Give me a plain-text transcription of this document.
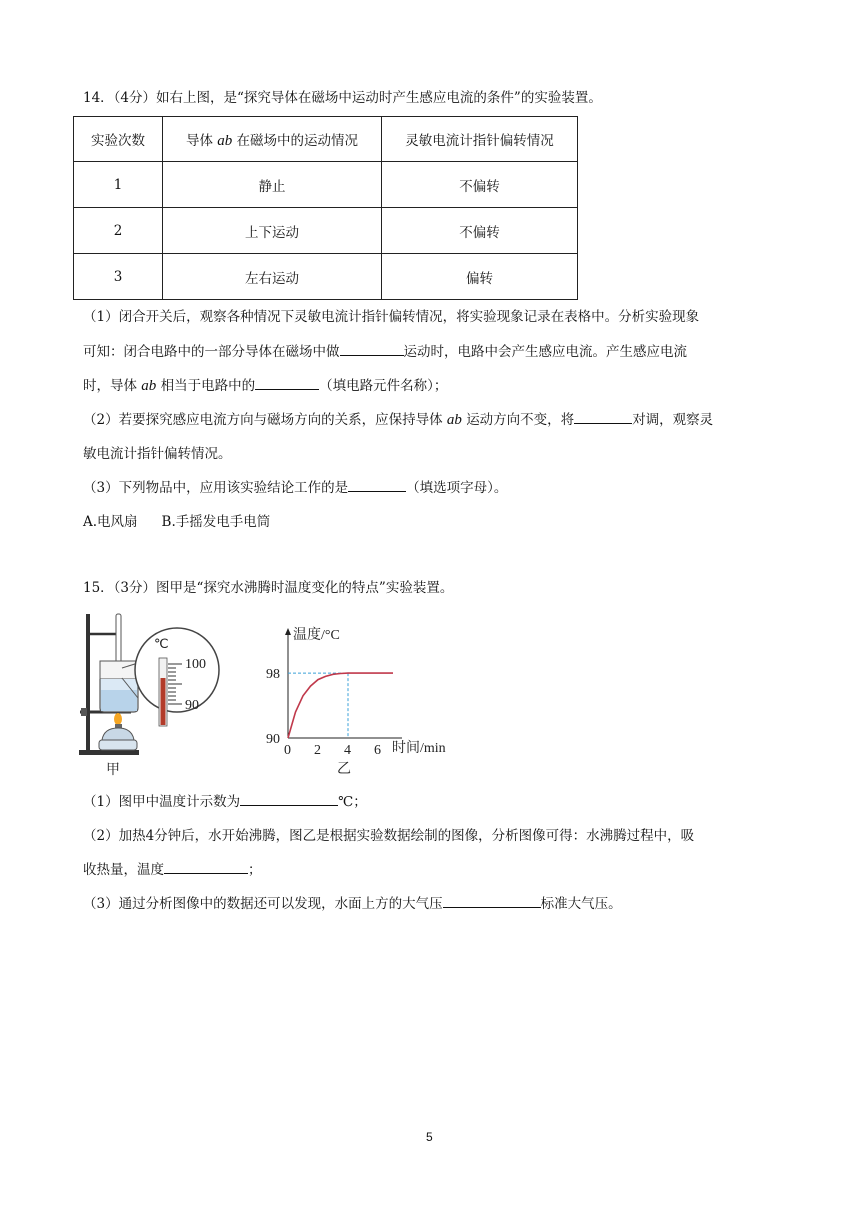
14．（4分）如右上图，是“探究导体在磁场中运动时产生感应电流的条件”的实验装置。
实验次数	导体 ab 在磁场中的运动情况	灵敏电流计指针偏转情况
1	静止	不偏转
2	上下运动	不偏转
3	左右运动	偏转
（1）闭合开关后，观察各种情况下灵敏电流计指针偏转情况，将实验现象记录在表格中。分析实验现象
可知：闭合电路中的一部分导体在磁场中做	运动时，电路中会产生感应电流。产生感应电流
时，导体 ab 相当于电路中的	（填电路元件名称）；
（2）若要探究感应电流方向与磁场方向的关系，应保持导体 ab 运动方向不变，将	对调，观察灵
敏电流计指针偏转情况。
（3）下列物品中，应用该实验结论工作的是	（填选项字母）。
A.电风扇 B.手摇发电手电筒
15．（3分）图甲是“探究水沸腾时温度变化的特点”实验装置。
℃
100
90
甲
温度/°C
时间/min
乙
0 2 4 6
90
98
（1）图甲中温度计示数为	℃；
（2）加热4分钟后，水开始沸腾，图乙是根据实验数据绘制的图像，分析图像可得：水沸腾过程中，吸
收热量，温度	；
（3）通过分析图像中的数据还可以发现，水面上方的大气压	标准大气压。
5
